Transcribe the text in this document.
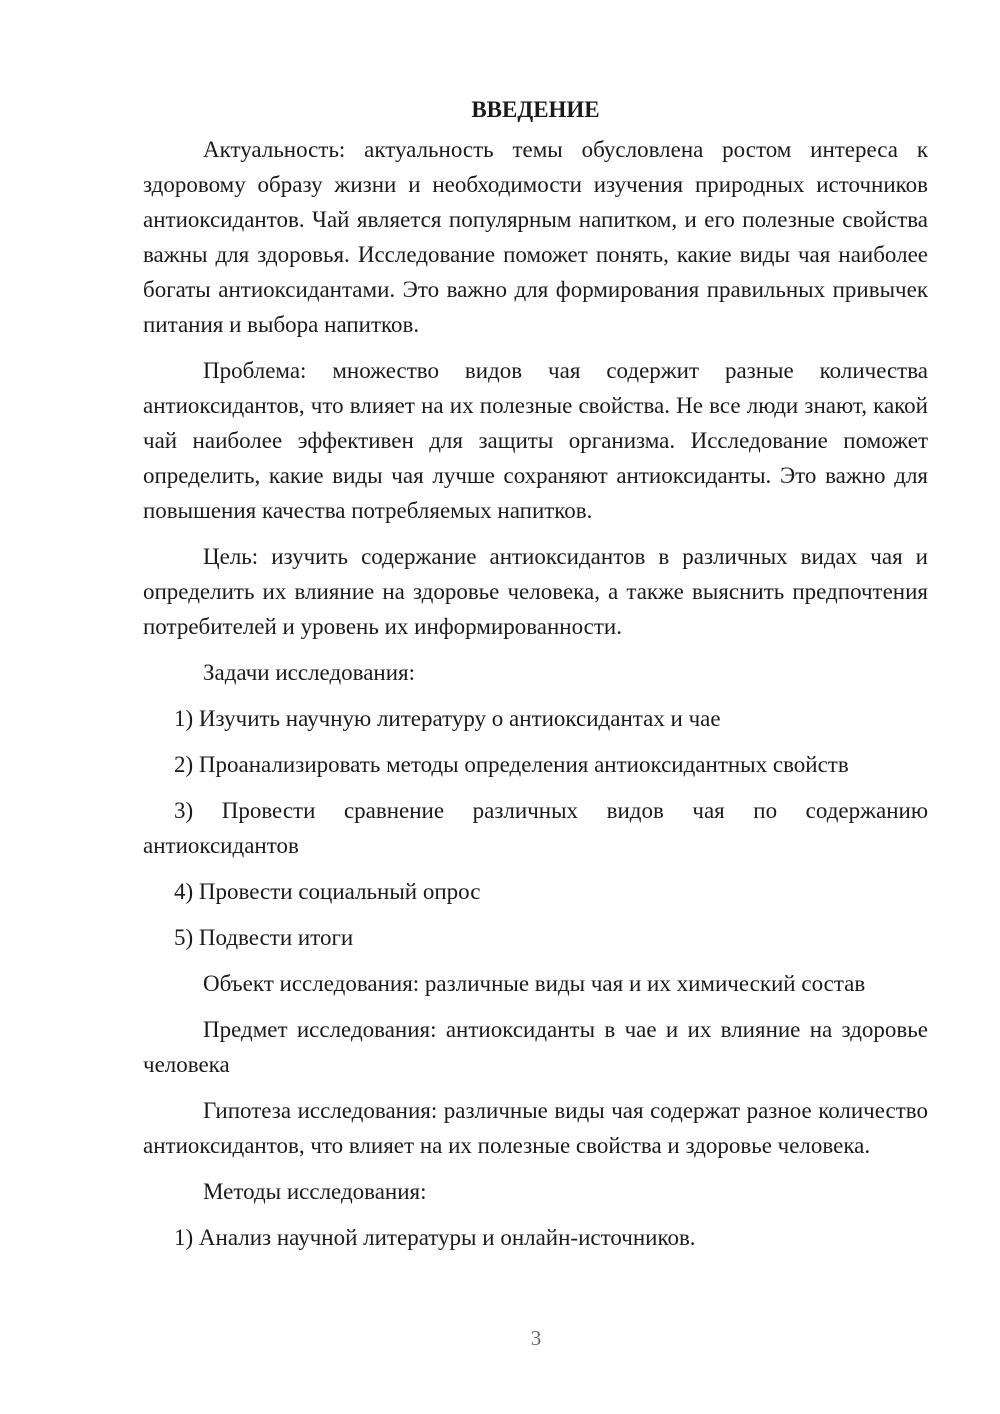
ВВЕДЕНИЕ
Актуальность: актуальность темы обусловлена ростом интереса к здоровому образу жизни и необходимости изучения природных источников антиоксидантов. Чай является популярным напитком, и его полезные свойства важны для здоровья. Исследование поможет понять, какие виды чая наиболее богаты антиоксидантами. Это важно для формирования правильных привычек питания и выбора напитков.
Проблема: множество видов чая содержит разные количества антиоксидантов, что влияет на их полезные свойства. Не все люди знают, какой чай наиболее эффективен для защиты организма. Исследование поможет определить, какие виды чая лучше сохраняют антиоксиданты. Это важно для повышения качества потребляемых напитков.
Цель: изучить содержание антиоксидантов в различных видах чая и определить их влияние на здоровье человека, а также выяснить предпочтения потребителей и уровень их информированности.
Задачи исследования:
1) Изучить научную литературу о антиоксидантах и чае
2) Проанализировать методы определения антиоксидантных свойств
3) Провести сравнение различных видов чая по содержанию антиоксидантов
4) Провести социальный опрос
5) Подвести итоги
Объект исследования: различные виды чая и их химический состав
Предмет исследования: антиоксиданты в чае и их влияние на здоровье человека
Гипотеза исследования: различные виды чая содержат разное количество антиоксидантов, что влияет на их полезные свойства и здоровье человека.
Методы исследования:
1) Анализ научной литературы и онлайн-источников.
3
